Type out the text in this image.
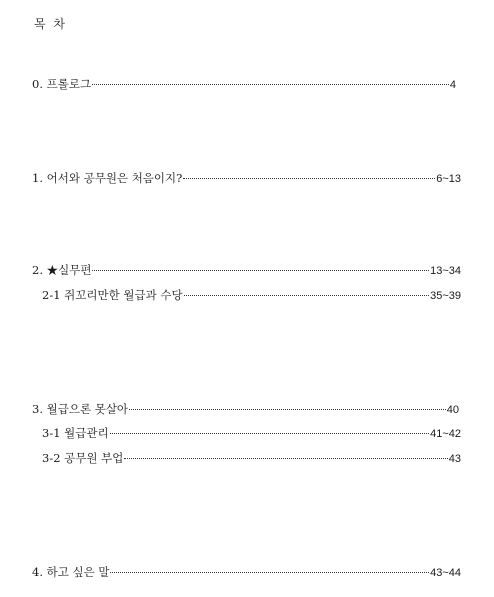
목 차
0. 프롤로그	4
1. 어서와 공무원은 처음이지?	6~13
2. ★실무편	13~34
2-1 쥐꼬리만한 월급과 수당	35~39
3. 월급으론 못살아	40
3-1 월급관리	41~42
3-2 공무원 부업	43
4. 하고 싶은 말	43~44
